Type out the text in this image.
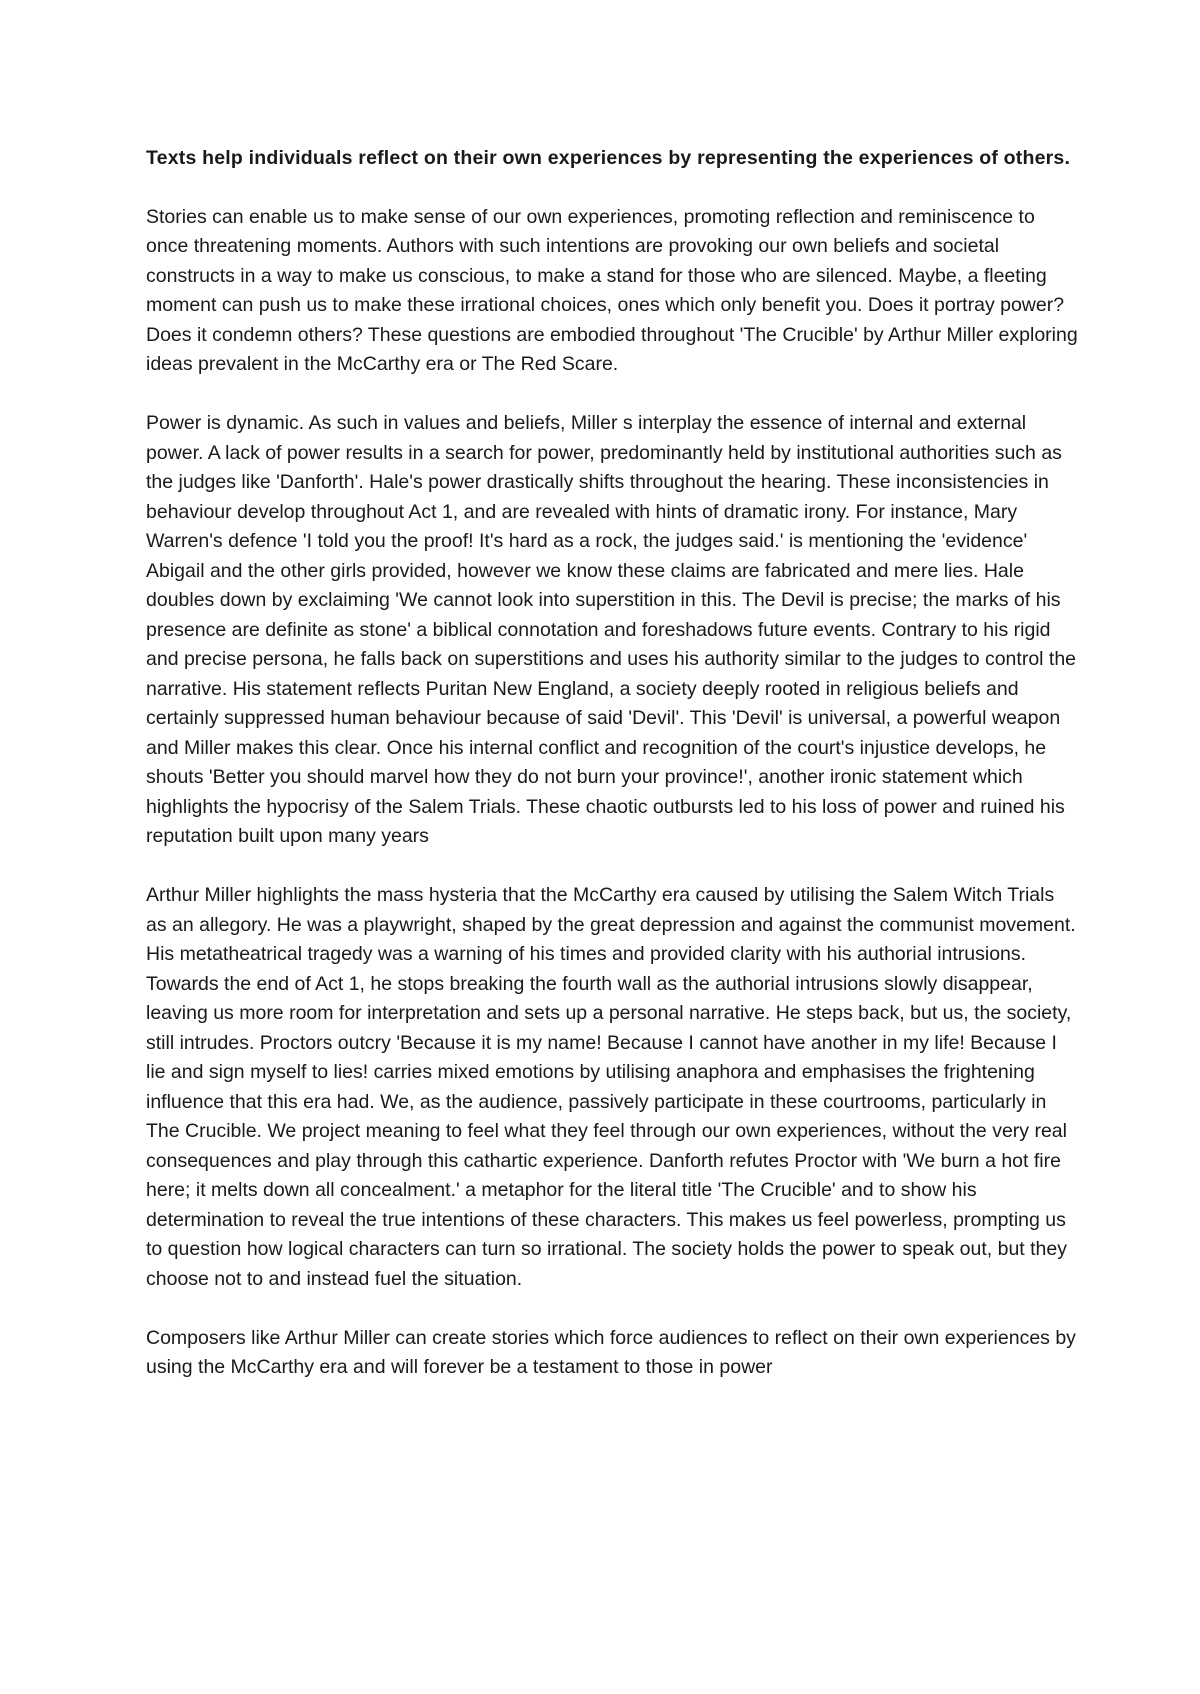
Texts help individuals reflect on their own experiences by representing the experiences of others.

Stories can enable us to make sense of our own experiences, promoting reflection and reminiscence to once threatening moments. Authors with such intentions are provoking our own beliefs and societal constructs in a way to make us conscious, to make a stand for those who are silenced. Maybe, a fleeting moment can push us to make these irrational choices, ones which only benefit you. Does it portray power? Does it condemn others? These questions are embodied throughout 'The Crucible' by Arthur Miller exploring ideas prevalent in the McCarthy era or The Red Scare.

Power is dynamic. As such in values and beliefs, Miller s interplay the essence of internal and external power. A lack of power results in a search for power, predominantly held by institutional authorities such as the judges like 'Danforth'. Hale's power drastically shifts throughout the hearing. These inconsistencies in behaviour develop throughout Act 1, and are revealed with hints of dramatic irony. For instance, Mary Warren's defence 'I told you the proof! It's hard as a rock, the judges said.' is mentioning the 'evidence' Abigail and the other girls provided, however we know these claims are fabricated and mere lies. Hale doubles down by exclaiming 'We cannot look into superstition in this. The Devil is precise; the marks of his presence are definite as stone' a biblical connotation and foreshadows future events. Contrary to his rigid and precise persona, he falls back on superstitions and uses his authority similar to the judges to control the narrative. His statement reflects Puritan New England, a society deeply rooted in religious beliefs and certainly suppressed human behaviour because of said 'Devil'. This 'Devil' is universal, a powerful weapon and Miller makes this clear. Once his internal conflict and recognition of the court's injustice develops, he shouts 'Better you should marvel how they do not burn your province!', another ironic statement which highlights the hypocrisy of the Salem Trials. These chaotic outbursts led to his loss of power and ruined his reputation built upon many years

Arthur Miller highlights the mass hysteria that the McCarthy era caused by utilising the Salem Witch Trials as an allegory. He was a playwright, shaped by the great depression and against the communist movement. His metatheatrical tragedy was a warning of his times and provided clarity with his authorial intrusions. Towards the end of Act 1, he stops breaking the fourth wall as the authorial intrusions slowly disappear, leaving us more room for interpretation and sets up a personal narrative. He steps back, but us, the society, still intrudes. Proctors outcry 'Because it is my name! Because I cannot have another in my life! Because I lie and sign myself to lies! carries mixed emotions by utilising anaphora and emphasises the frightening influence that this era had. We, as the audience, passively participate in these courtrooms, particularly in The Crucible. We project meaning to feel what they feel through our own experiences, without the very real consequences and play through this cathartic experience. Danforth refutes Proctor with 'We burn a hot fire here; it melts down all concealment.' a metaphor for the literal title 'The Crucible' and to show his determination to reveal the true intentions of these characters. This makes us feel powerless, prompting us to question how logical characters can turn so irrational. The society holds the power to speak out, but they choose not to and instead fuel the situation.

Composers like Arthur Miller can create stories which force audiences to reflect on their own experiences by using the McCarthy era and will forever be a testament to those in power
